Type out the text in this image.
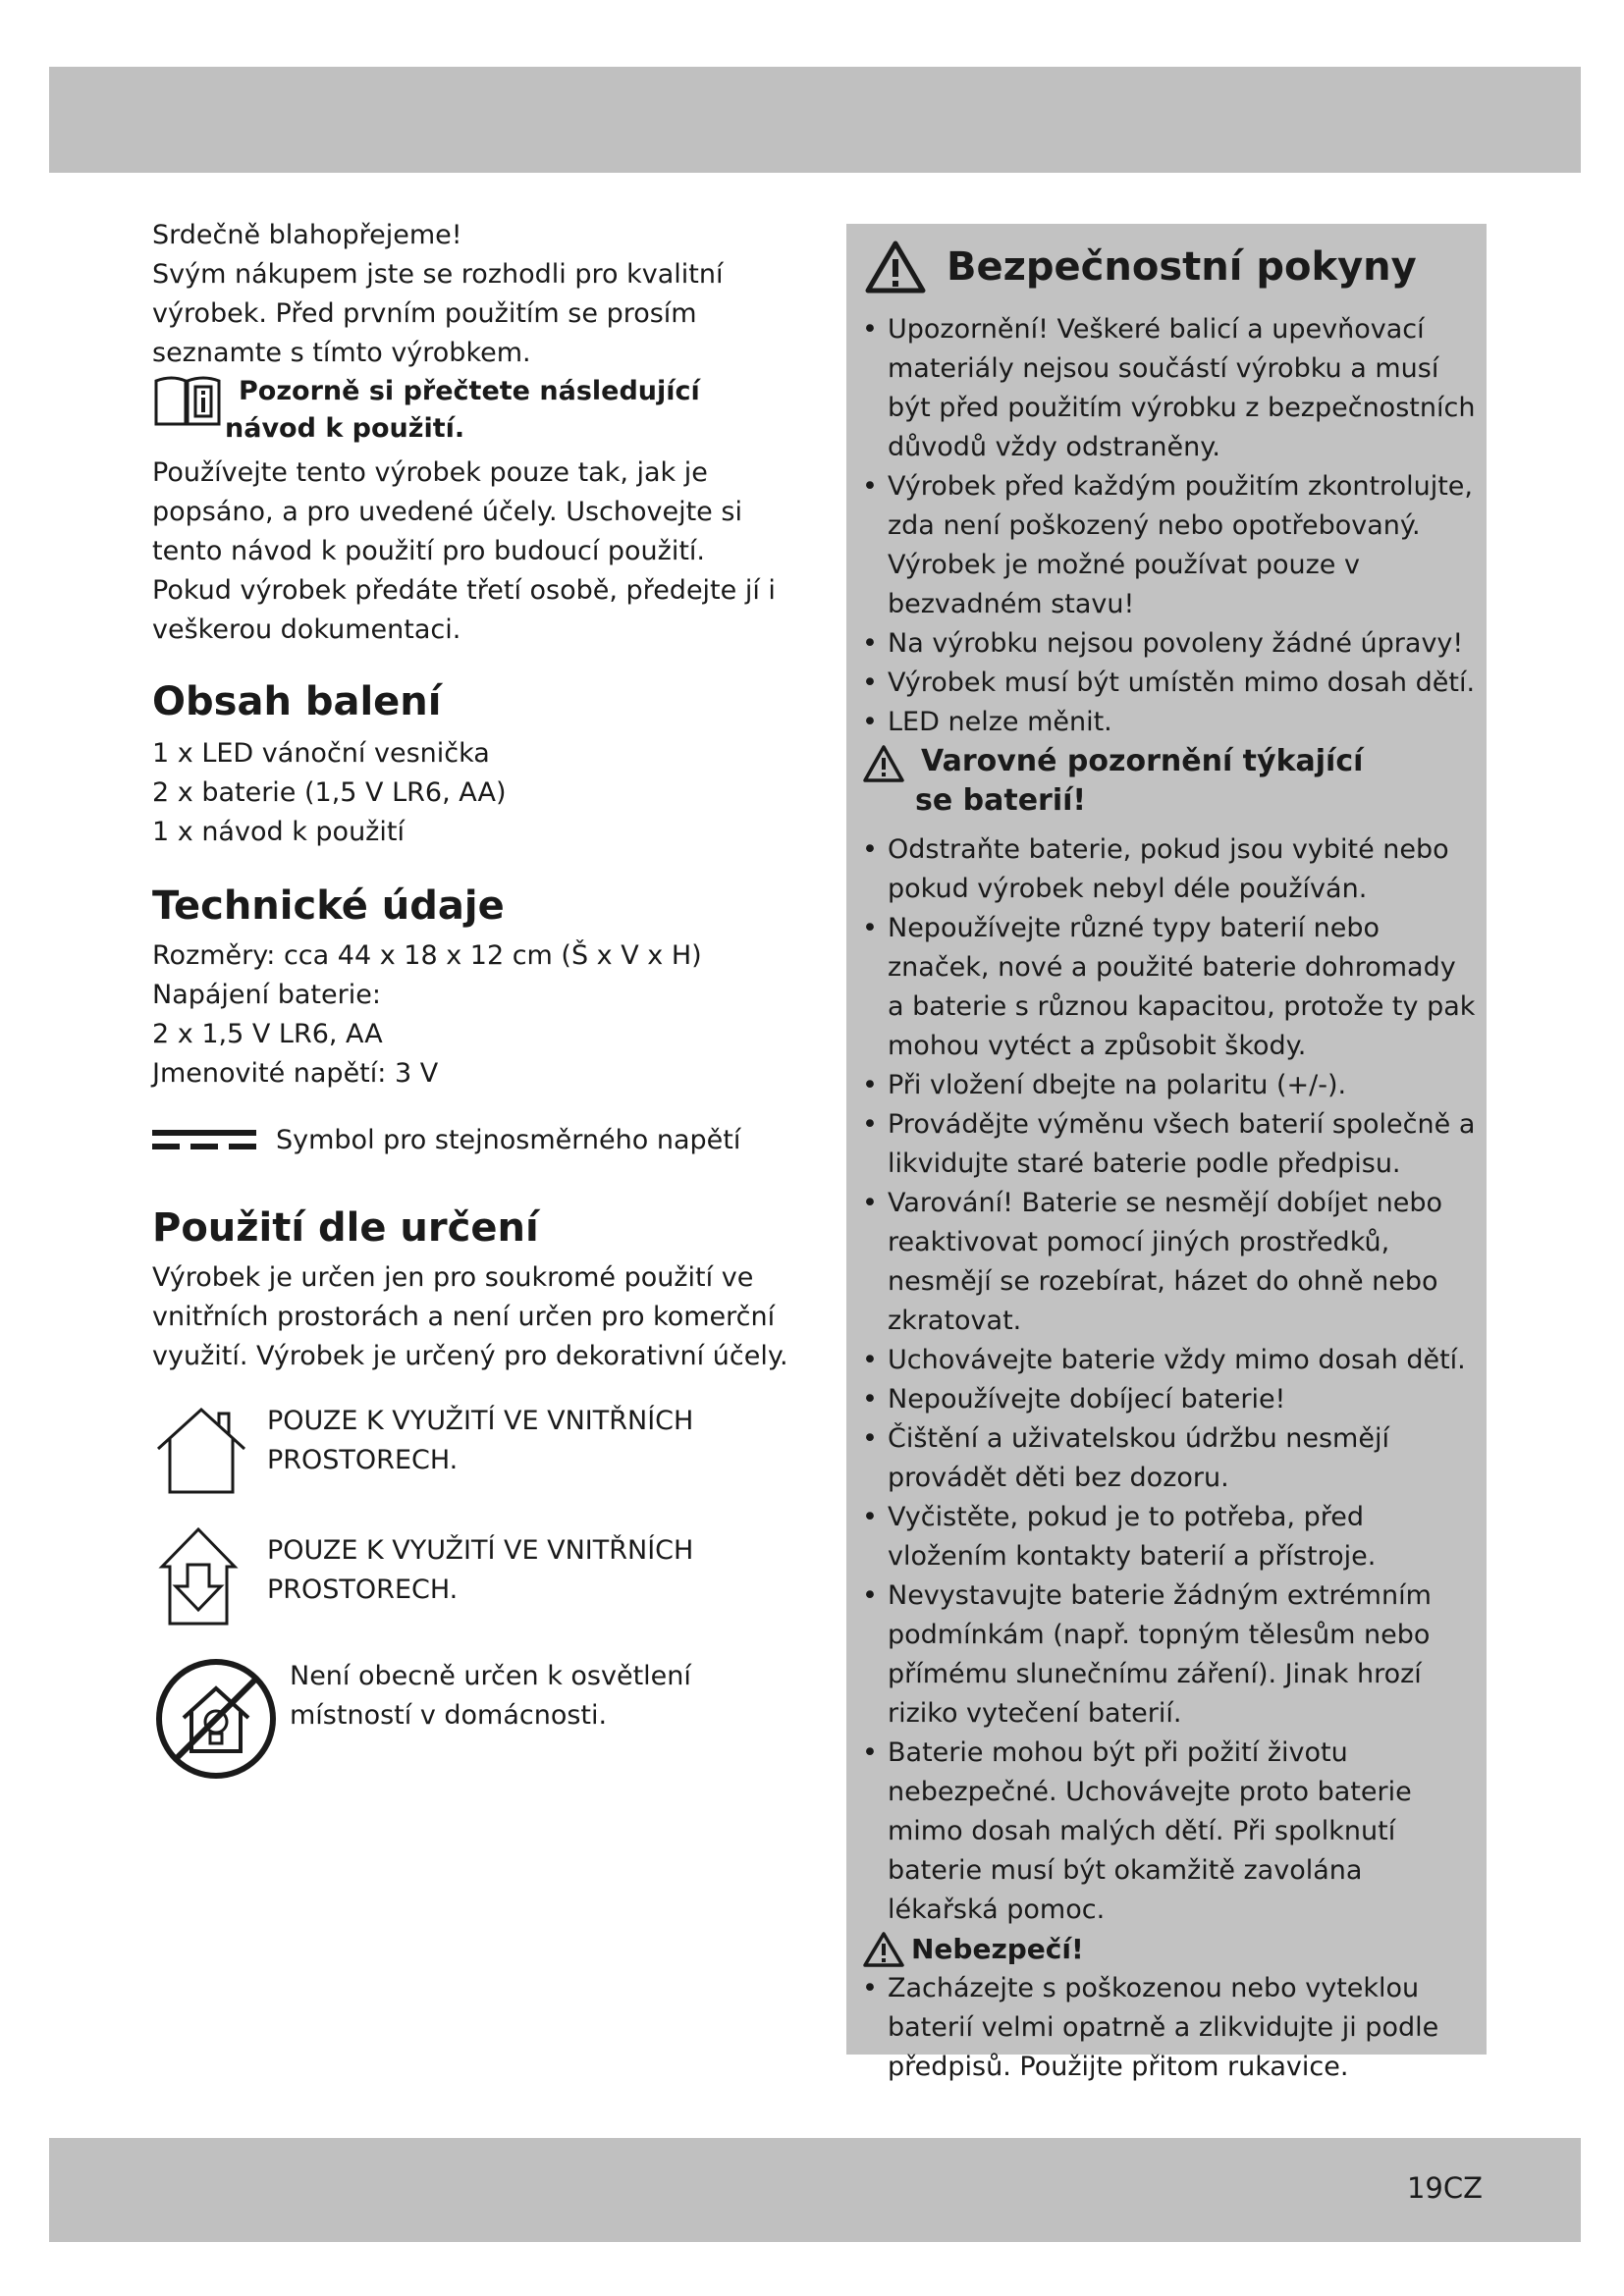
Srdečně blahopřejeme!

Svým nákupem jste se rozhodli pro kvalitní výrobek. Před prvním použitím se prosím seznamte s tímto výrobkem.

Pozorně si přečtete následující
návod k použití.

Používejte tento výrobek pouze tak, jak je popsáno, a pro uvedené účely. Uschovejte si tento návod k použití pro budoucí použití. Pokud výrobek předáte třetí osobě, předejte jí i veškerou dokumentaci.

Obsah balení
1 x LED vánoční vesnička
2 x baterie (1,5 V LR6, AA)
1 x návod k použití
Technické údaje
Rozměry: cca 44 x 18 x 12 cm (Š x V x H)
Napájení baterie:
2 x 1,5 V LR6, AA
Jmenovité napětí: 3 V
Symbol pro stejnosměrného napětí
Použití dle určení

Výrobek je určen jen pro soukromé použití ve vnitřních prostorách a není určen pro komerční využití. Výrobek je určený pro dekorativní účely.

POUZE K VYUŽITÍ VE VNITŘNÍCH PROSTORECH.
POUZE K VYUŽITÍ VE VNITŘNÍCH PROSTORECH.
Není obecně určen k osvětlení místností v domácnosti.
Bezpečnostní pokyny
• Upozornění! Veškeré balicí a upevňovací materiály nejsou součástí výrobku a musí být před použitím výrobku z bezpečnostních důvodů vždy odstraněny.
• Výrobek před každým použitím zkontrolujte, zda není poškozený nebo opotřebovaný. Výrobek je možné používat pouze v bezvadném stavu!
• Na výrobku nejsou povoleny žádné úpravy!
• Výrobek musí být umístěn mimo dosah dětí.
• LED nelze měnit.
Varovné pozornění týkající
se baterií!
• Odstraňte baterie, pokud jsou vybité nebo pokud výrobek nebyl déle používán.
• Nepoužívejte různé typy baterií nebo značek, nové a použité baterie dohromady a baterie s různou kapacitou, protože ty pak mohou vytéct a způsobit škody.
• Při vložení dbejte na polaritu (+/-).
• Provádějte výměnu všech baterií společně a likvidujte staré baterie podle předpisu.
• Varování! Baterie se nesmějí dobíjet nebo reaktivovat pomocí jiných prostředků, nesmějí se rozebírat, házet do ohně nebo zkratovat.
• Uchovávejte baterie vždy mimo dosah dětí.
• Nepoužívejte dobíjecí baterie!
• Čištění a uživatelskou údržbu nesmějí provádět děti bez dozoru.
• Vyčistěte, pokud je to potřeba, před vložením kontakty baterií a přístroje.
• Nevystavujte baterie žádným extrémním podmínkám (např. topným tělesům nebo přímému slunečnímu záření). Jinak hrozí riziko vytečení baterií.
• Baterie mohou být při požití životu nebezpečné. Uchovávejte proto baterie mimo dosah malých dětí. Při spolknutí baterie musí být okamžitě zavolána lékařská pomoc.
Nebezpečí!
• Zacházejte s poškozenou nebo vyteklou baterií velmi opatrně a zlikvidujte ji podle předpisů. Použijte přitom rukavice.
19CZ
